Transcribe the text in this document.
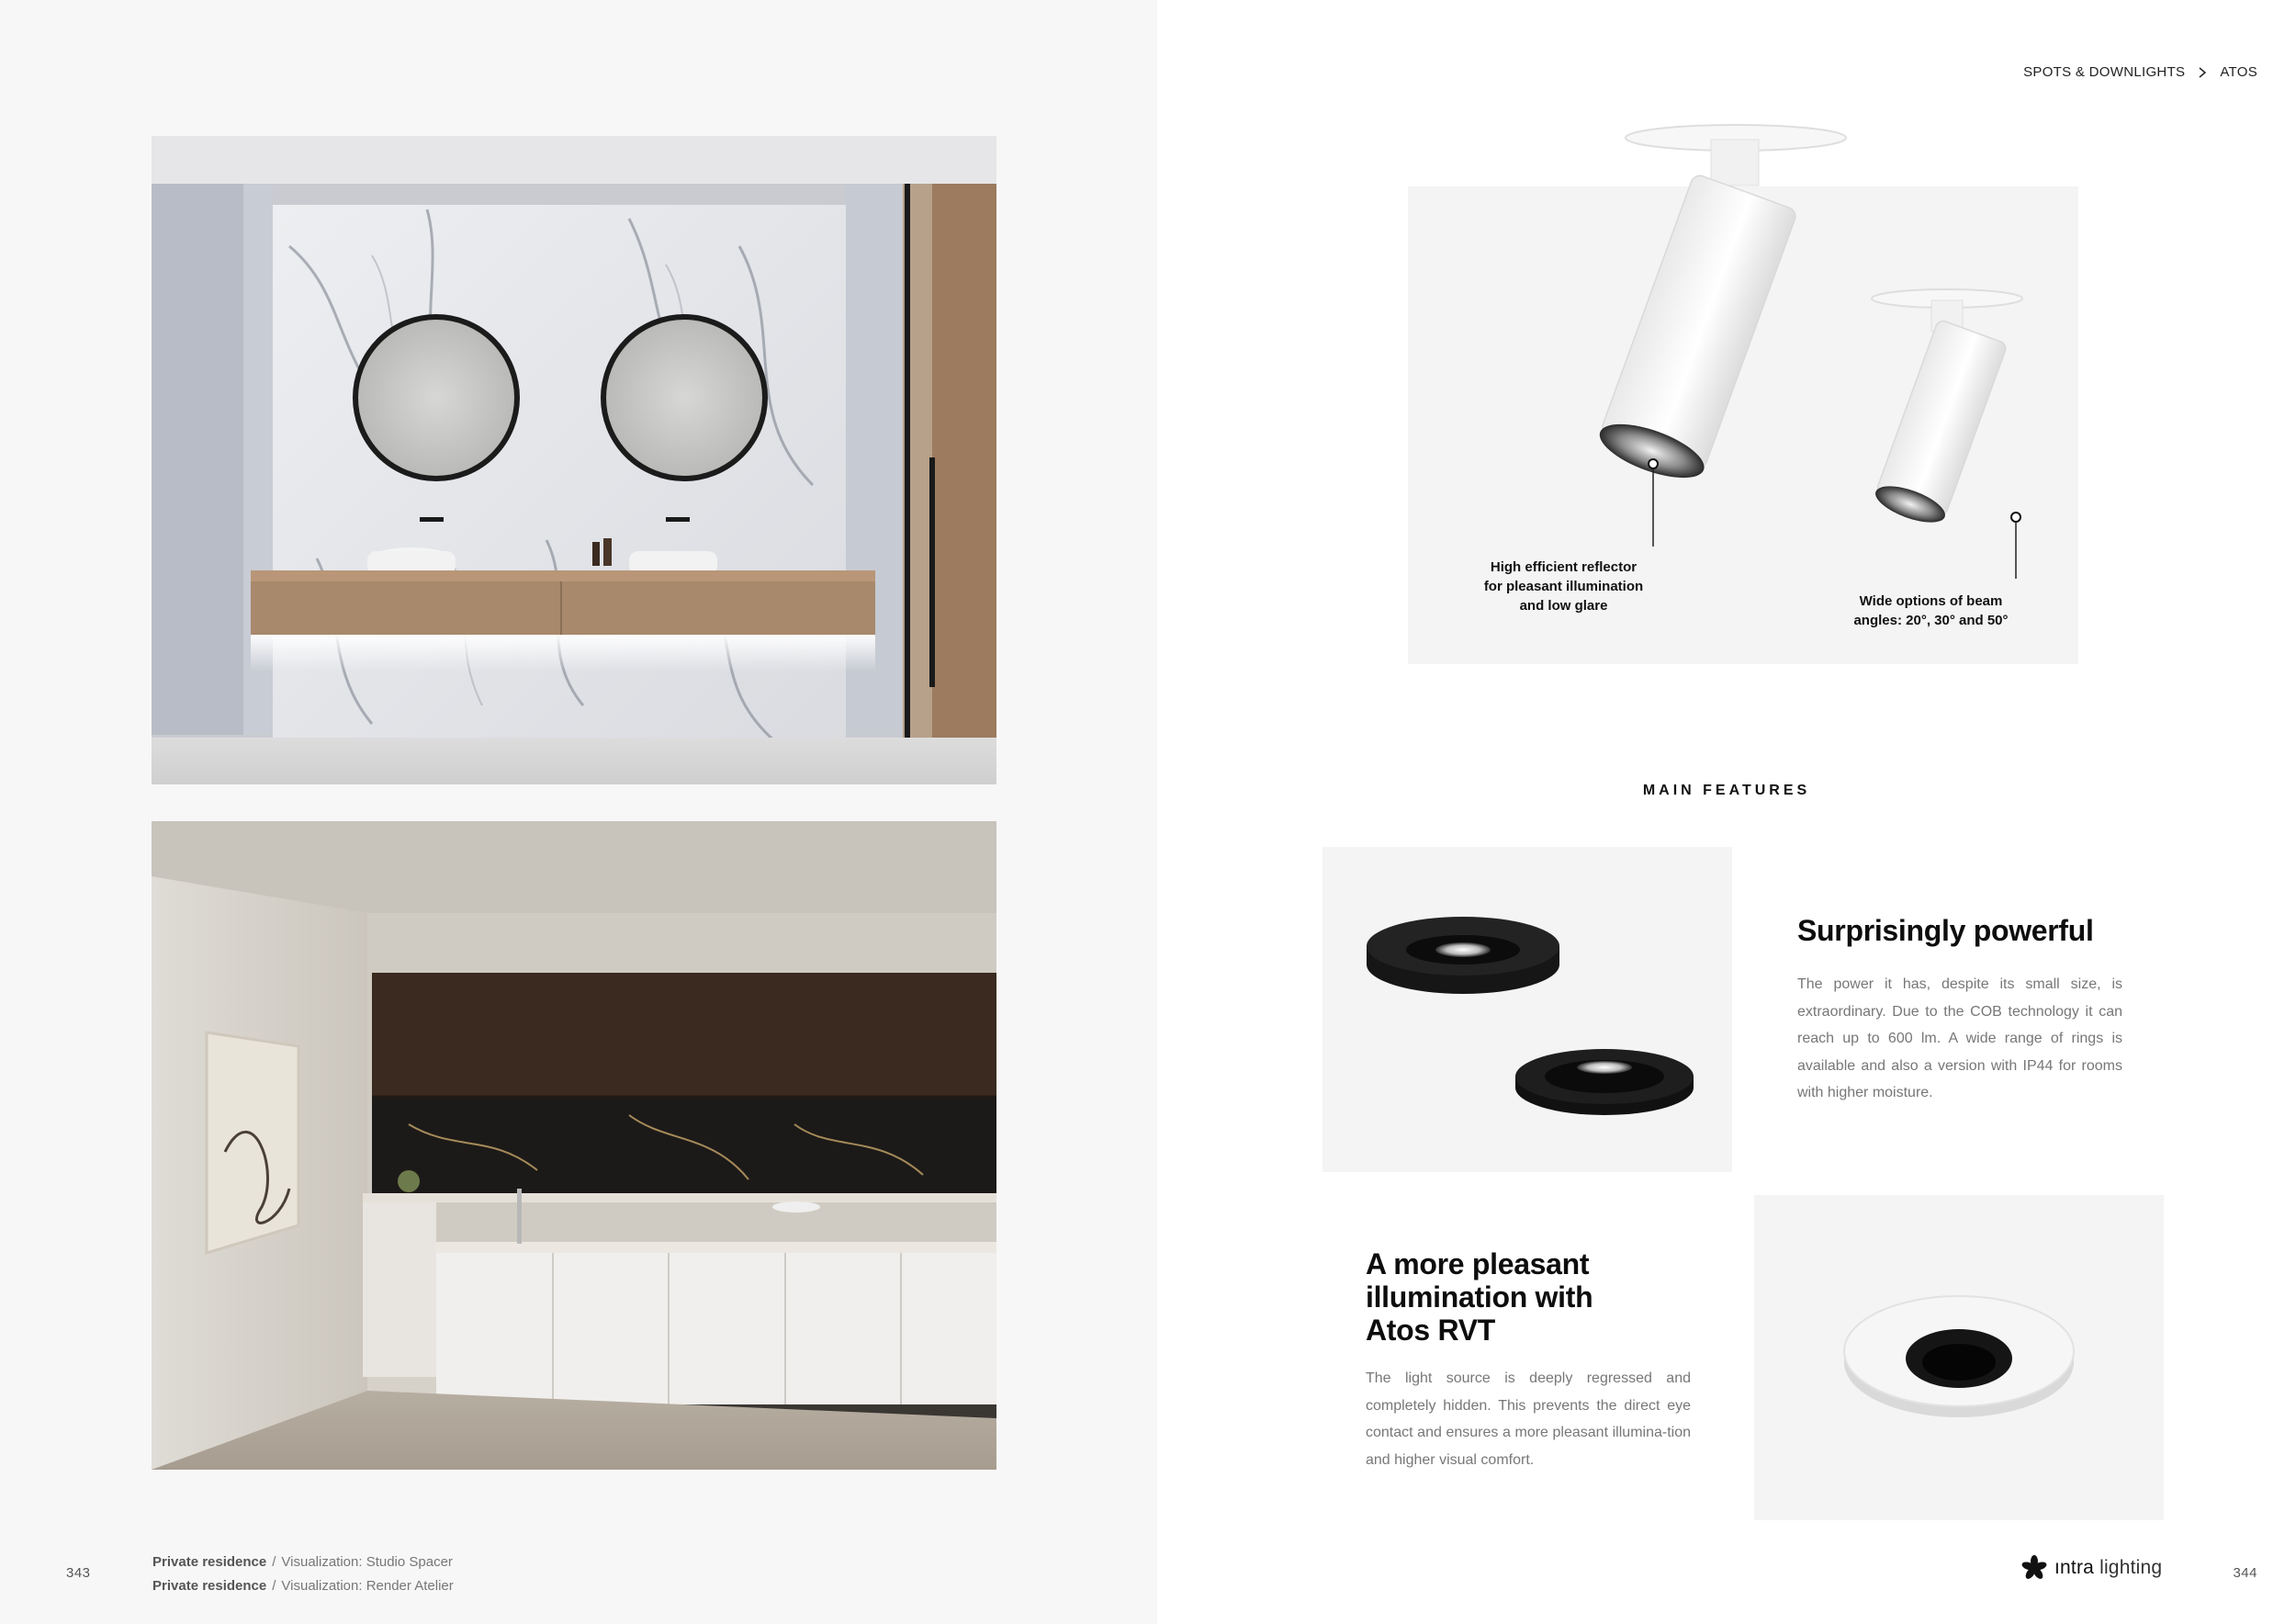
343
Private residence / Visualization: Studio Spacer
Private residence / Visualization: Render Atelier
SPOTS & DOWNLIGHTS	ATOS
High efficient reflector
for pleasant illumination
and low glare	Wide options of beam
angles: 20°, 30° and 50°
MAIN FEATURES
Surprisingly powerful
The power it has, despite its small size, is extraordinary. Due to the COB technology it can reach up to 600 lm. A wide range of rings is available and also a version with IP44 for rooms with higher moisture.
A more pleasant
illumination with
Atos RVT
The light source is deeply regressed and completely hidden. This prevents the direct eye contact and ensures a more pleasant illumina-tion and higher visual comfort.
ıntra lighting	344
